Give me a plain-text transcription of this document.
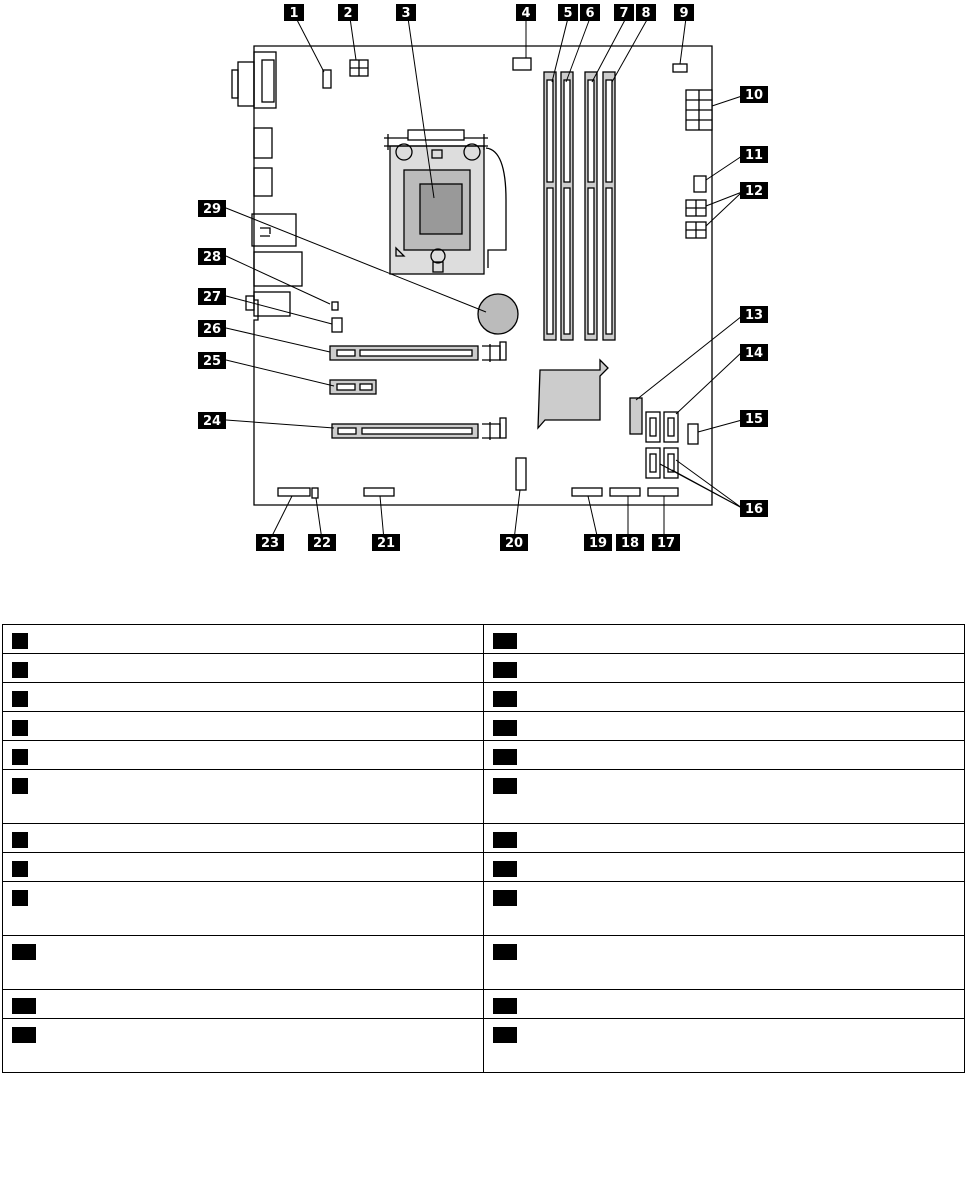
1	2	3	4	5 6 7 8 9
10
11
12
13
14
15
16
17
18
19
20
21
22
23
24
25
26
27
28
29
